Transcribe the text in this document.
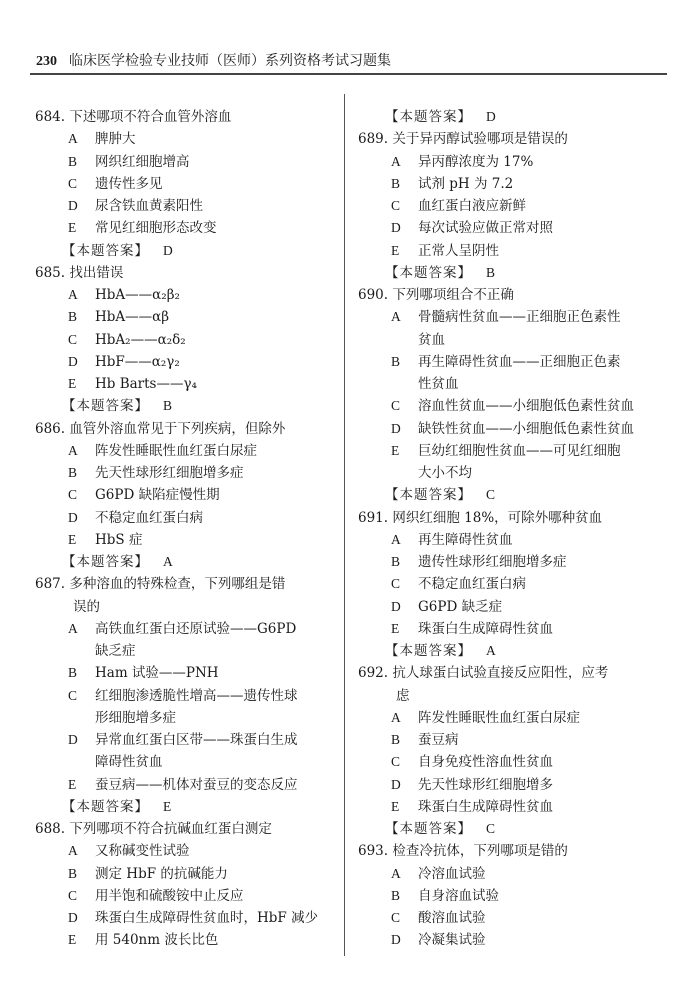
230 临床医学检验专业技师（医师）系列资格考试习题集
684. 下述哪项不符合血管外溶血
A 脾肿大
B 网织红细胞增高
C 遗传性多见
D 尿含铁血黄素阳性
E 常见红细胞形态改变
【本题答案】 D
685. 找出错误
A HbA——α₂β₂
B HbA——αβ
C HbA₂——α₂δ₂
D HbF——α₂γ₂
E Hb Barts——γ₄
【本题答案】 B
686. 血管外溶血常见于下列疾病，但除外
A 阵发性睡眠性血红蛋白尿症
B 先天性球形红细胞增多症
C G6PD 缺陷症慢性期
D 不稳定血红蛋白病
E HbS 症
【本题答案】 A
687. 多种溶血的特殊检查，下列哪组是错
误的
A 高铁血红蛋白还原试验——G6PD
缺乏症
B Ham 试验——PNH
C 红细胞渗透脆性增高——遗传性球
形细胞增多症
D 异常血红蛋白区带——珠蛋白生成
障碍性贫血
E 蚕豆病——机体对蚕豆的变态反应
【本题答案】 E
688. 下列哪项不符合抗碱血红蛋白测定
A 又称碱变性试验
B 测定 HbF 的抗碱能力
C 用半饱和硫酸铵中止反应
D 珠蛋白生成障碍性贫血时，HbF 减少
E 用 540nm 波长比色
【本题答案】 D
689. 关于异丙醇试验哪项是错误的
A 异丙醇浓度为 17%
B 试剂 pH 为 7.2
C 血红蛋白液应新鲜
D 每次试验应做正常对照
E 正常人呈阴性
【本题答案】 B
690. 下列哪项组合不正确
A 骨髓病性贫血——正细胞正色素性
贫血
B 再生障碍性贫血——正细胞正色素
性贫血
C 溶血性贫血——小细胞低色素性贫血
D 缺铁性贫血——小细胞低色素性贫血
E 巨幼红细胞性贫血——可见红细胞
大小不均
【本题答案】 C
691. 网织红细胞 18%，可除外哪种贫血
A 再生障碍性贫血
B 遗传性球形红细胞增多症
C 不稳定血红蛋白病
D G6PD 缺乏症
E 珠蛋白生成障碍性贫血
【本题答案】 A
692. 抗人球蛋白试验直接反应阳性，应考
虑
A 阵发性睡眠性血红蛋白尿症
B 蚕豆病
C 自身免疫性溶血性贫血
D 先天性球形红细胞增多
E 珠蛋白生成障碍性贫血
【本题答案】 C
693. 检查冷抗体，下列哪项是错的
A 冷溶血试验
B 自身溶血试验
C 酸溶血试验
D 冷凝集试验
